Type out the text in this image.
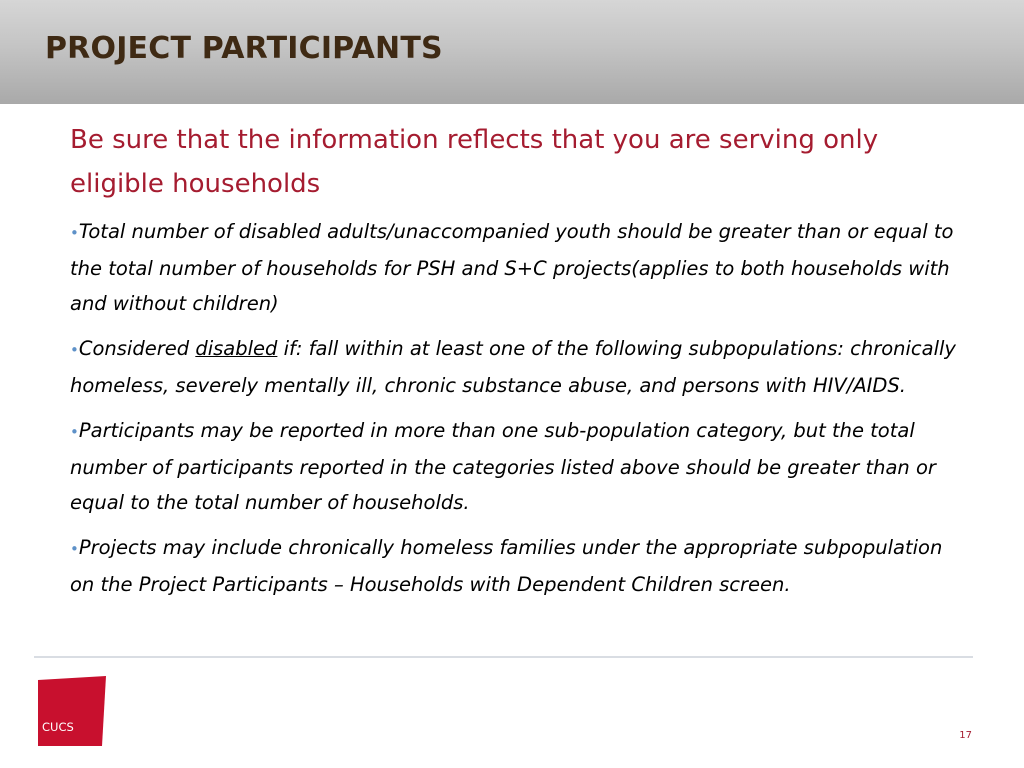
PROJECT PARTICIPANTS

Be sure that the information reflects that you are serving only eligible households

•Total number of disabled adults/unaccompanied youth should be greater than or equal to the total number of households for PSH and S+C projects(applies to both households with and without children)

•Considered disabled if: fall within at least one of the following subpopulations: chronically homeless, severely mentally ill, chronic substance abuse, and persons with HIV/AIDS.

•Participants may be reported in more than one sub-population category, but the total number of participants reported in the categories listed above should be greater than or equal to the total number of households.

•Projects may include chronically homeless families under the appropriate subpopulation on the Project Participants – Households with Dependent Children screen.

CUCS
17
